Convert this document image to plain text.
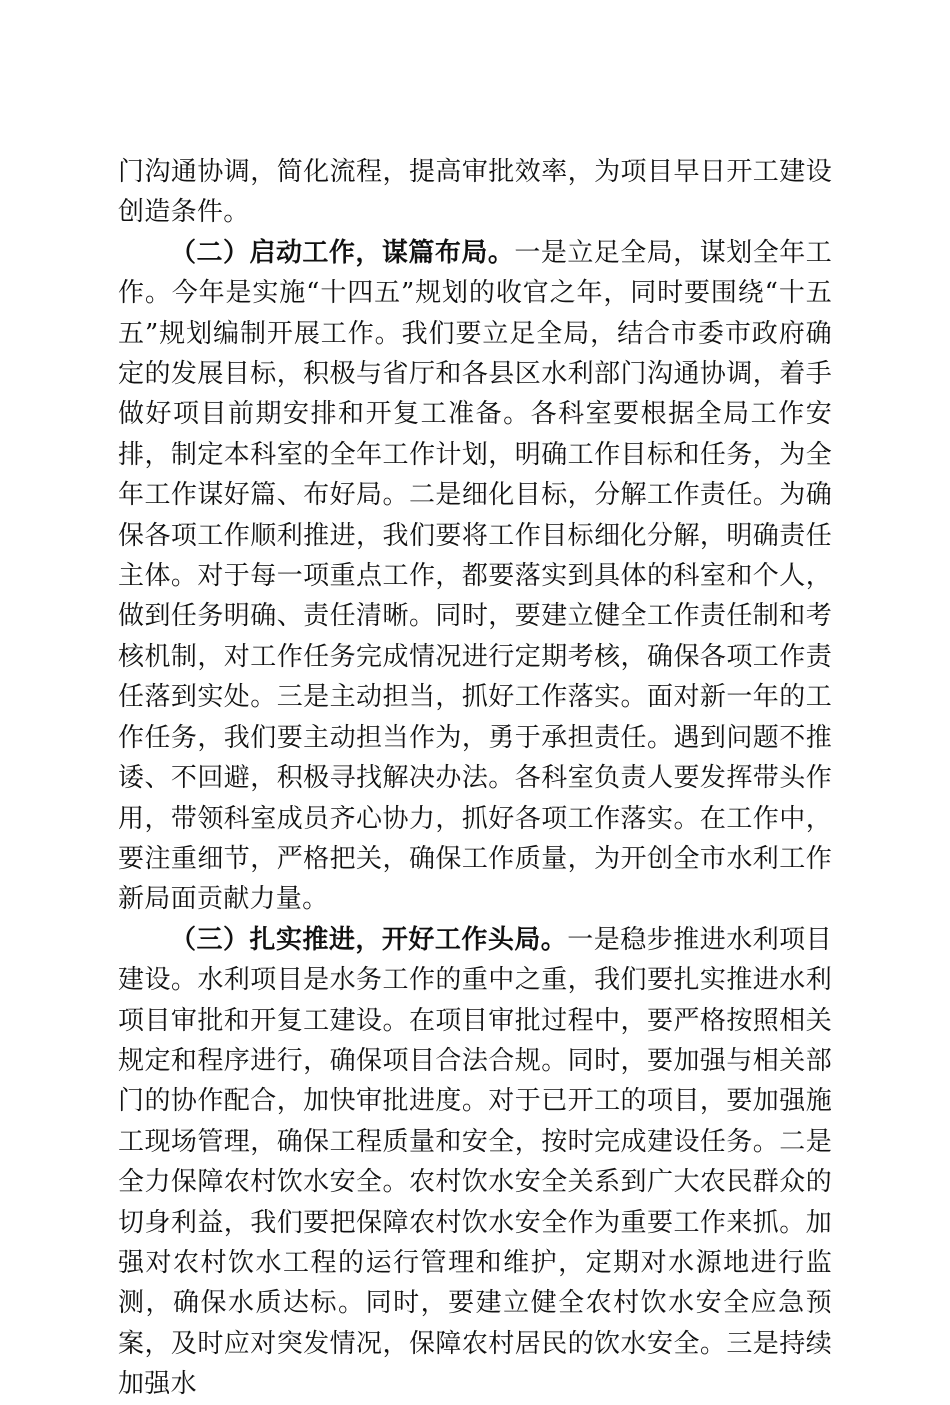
门沟通协调，简化流程，提高审批效率，为项目早日开工建设创造条件。

（二）启动工作，谋篇布局。一是立足全局，谋划全年工作。今年是实施“十四五”规划的收官之年，同时要围绕“十五五”规划编制开展工作。我们要立足全局，结合市委市政府确定的发展目标，积极与省厅和各县区水利部门沟通协调，着手做好项目前期安排和开复工准备。各科室要根据全局工作安排，制定本科室的全年工作计划，明确工作目标和任务，为全年工作谋好篇、布好局。二是细化目标，分解工作责任。为确保各项工作顺利推进，我们要将工作目标细化分解，明确责任主体。对于每一项重点工作，都要落实到具体的科室和个人，做到任务明确、责任清晰。同时，要建立健全工作责任制和考核机制，对工作任务完成情况进行定期考核，确保各项工作责任落到实处。三是主动担当，抓好工作落实。面对新一年的工作任务，我们要主动担当作为，勇于承担责任。遇到问题不推诿、不回避，积极寻找解决办法。各科室负责人要发挥带头作用，带领科室成员齐心协力，抓好各项工作落实。在工作中，要注重细节，严格把关，确保工作质量，为开创全市水利工作新局面贡献力量。

（三）扎实推进，开好工作头局。一是稳步推进水利项目建设。水利项目是水务工作的重中之重，我们要扎实推进水利项目审批和开复工建设。在项目审批过程中，要严格按照相关规定和程序进行，确保项目合法合规。同时，要加强与相关部门的协作配合，加快审批进度。对于已开工的项目，要加强施工现场管理，确保工程质量和安全，按时完成建设任务。二是全力保障农村饮水安全。农村饮水安全关系到广大农民群众的切身利益，我们要把保障农村饮水安全作为重要工作来抓。加强对农村饮水工程的运行管理和维护，定期对水源地进行监测，确保水质达标。同时，要建立健全农村饮水安全应急预案，及时应对突发情况，保障农村居民的饮水安全。三是持续加强水
